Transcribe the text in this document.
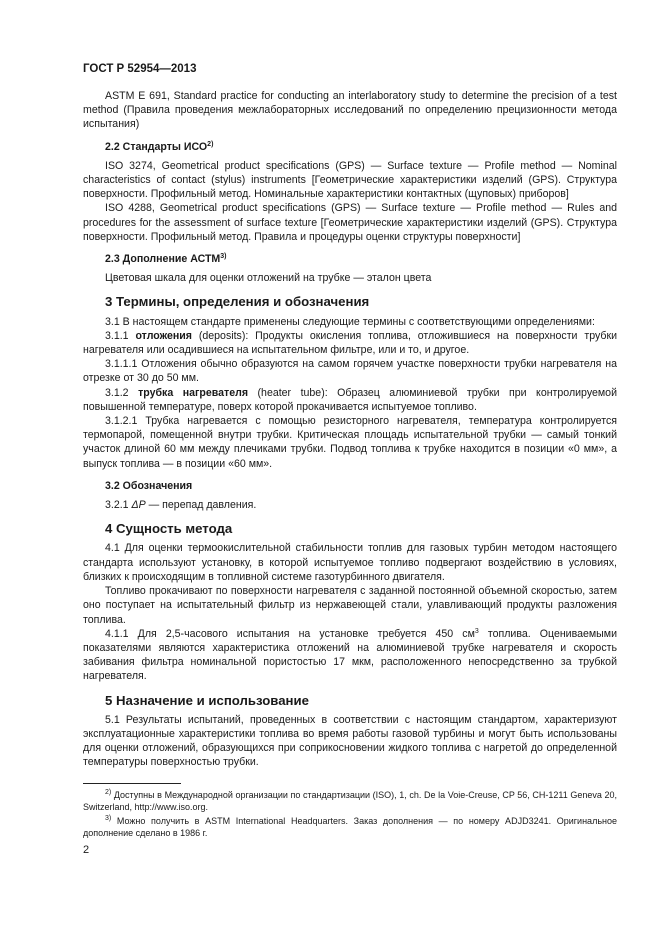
ГОСТ Р 52954—2013

ASTM E 691, Standard practice for conducting an interlaboratory study to determine the precision of a test method (Правила проведения межлабораторных исследований по определению прецизионности метода испытания)

2.2 Стандарты ИСО$^{2)}$

ISO 3274, Geometrical product specifications (GPS) — Surface texture — Profile method — Nominal characteristics of contact (stylus) instruments [Геометрические характеристики изделий (GPS). Структура поверхности. Профильный метод. Номинальные характеристики контактных (щуповых) приборов]

ISO 4288, Geometrical product specifications (GPS) — Surface texture — Profile method — Rules and procedures for the assessment of surface texture [Геометрические характеристики изделий (GPS). Структура поверхности. Профильный метод. Правила и процедуры оценки структуры поверхности]

2.3 Дополнение АСТМ$^{3)}$

Цветовая шкала для оценки отложений на трубке — эталон цвета

3 Термины, определения и обозначения

3.1 В настоящем стандарте применены следующие термины с соответствующими определениями:

3.1.1 отложения (deposits): Продукты окисления топлива, отложившиеся на поверхности трубки нагревателя или осадившиеся на испытательном фильтре, или и то, и другое.

3.1.1.1 Отложения обычно образуются на самом горячем участке поверхности трубки нагревателя на отрезке от 30 до 50 мм.

3.1.2 трубка нагревателя (heater tube): Образец алюминиевой трубки при контролируемой повышенной температуре, поверх которой прокачивается испытуемое топливо.

3.1.2.1 Трубка нагревается с помощью резисторного нагревателя, температура контролируется термопарой, помещенной внутри трубки. Критическая площадь испытательной трубки — самый тонкий участок длиной 60 мм между плечиками трубки. Подвод топлива к трубке находится в позиции «0 мм», а выпуск топлива — в позиции «60 мм».

3.2 Обозначения

3.2.1 ΔP — перепад давления.

4 Сущность метода

4.1 Для оценки термоокислительной стабильности топлив для газовых турбин методом настоящего стандарта используют установку, в которой испытуемое топливо подвергают воздействию в условиях, близких к происходящим в топливной системе газотурбинного двигателя.

Топливо прокачивают по поверхности нагревателя с заданной постоянной объемной скоростью, затем оно поступает на испытательный фильтр из нержавеющей стали, улавливающий продукты разложения топлива.

4.1.1 Для 2,5-часового испытания на установке требуется 450 $см^3$ топлива. Оцениваемыми показателями являются характеристика отложений на алюминиевой трубке нагревателя и скорость забивания фильтра номинальной пористостью 17 мкм, расположенного непосредственно за трубкой нагревателя.

5 Назначение и использование

5.1 Результаты испытаний, проведенных в соответствии с настоящим стандартом, характеризуют эксплуатационные характеристики топлива во время работы газовой турбины и могут быть использованы для оценки отложений, образующихся при соприкосновении жидкого топлива с нагретой до определенной температуры поверхностью трубки.

$^{2)}$ Доступны в Международной организации по стандартизации (ISO), 1, ch. De la Voie-Creuse, CP 56, CH-1211 Geneva 20, Switzerland, http://www.iso.org.

$^{3)}$ Можно получить в ASTM International Headquarters. Заказ дополнения — по номеру ADJD3241. Оригинальное дополнение сделано в 1986 г.

2
